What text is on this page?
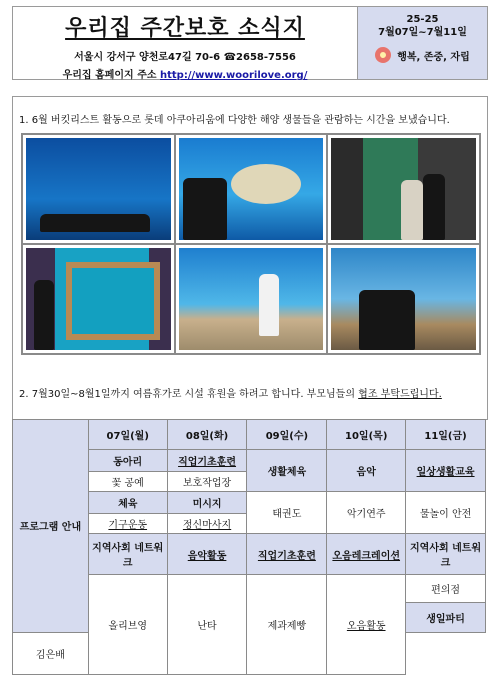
우리집 주간보호 소식지
서울시 강서구 양천로47길 70-6 ☎2658-7556
우리집 홈페이지 주소 http://www.woorilove.org/
25-25
7월07일~7월11일
행복, 존중, 자립
1. 6월 버킷리스트 활동으로 롯데 아쿠아리움에 다양한 해양 생물들을 관람하는 시간을 보냈습니다.
2. 7월30일~8월1일까지 여름휴가로 시설 휴원을 하려고 합니다. 부모님들의 협조 부탁드립니다.
프로그램 안내	07일(월)	08일(화)	09일(수)	10일(목)	11일(금)
	동아리	직업기초훈련	생활체육	음악	일상생활교육
	꽃 공예	보호작업장			
	체육	미시지	태권도	악기연주	물놀이 안전
	기구운동	정신마사지			
	지역사회 네트워크	음악활동	직업기초훈련	오음레크레이션	지역사회 네트워크
	올리브영	난타	제과제빵	오음활동	편의점
					생일파티
김은배					
